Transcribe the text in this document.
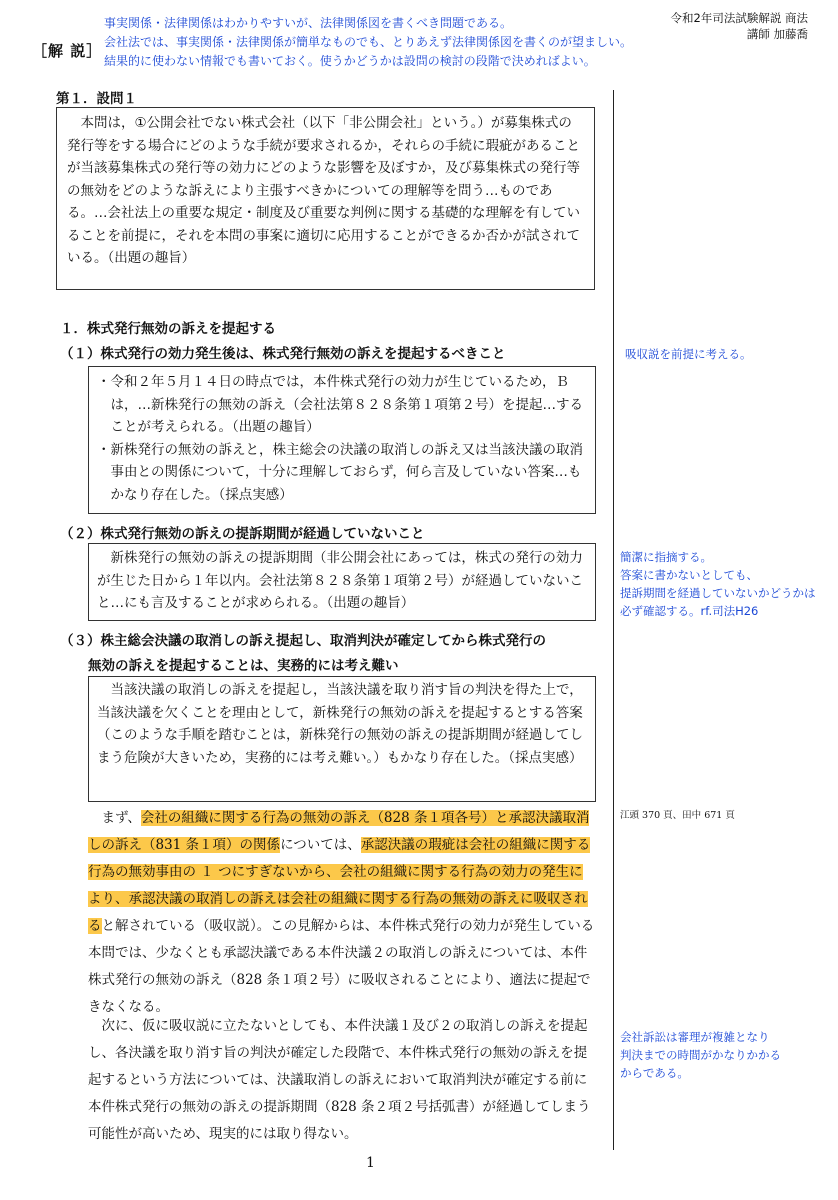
令和2年司法試験解説 商法
講師 加藤喬
［解 説］
事実関係・法律関係はわかりやすいが、法律関係図を書くべき問題である。
会社法では、事実関係・法律関係が簡単なものでも、とりあえず法律関係図を書くのが望ましい。
結果的に使わない情報でも書いておく。使うかどうかは設問の検討の段階で決めればよい。
第１．設問１
本問は，①公開会社でない株式会社（以下「非公開会社」という。）が募集株式の発行等をする場合にどのような手続が要求されるか，それらの手続に瑕疵があることが当該募集株式の発行等の効力にどのような影響を及ぼすか，及び募集株式の発行等の無効をどのような訴えにより主張すべきかについての理解等を問う…ものである。…会社法上の重要な規定・制度及び重要な判例に関する基礎的な理解を有していることを前提に，それを本問の事案に適切に応用することができるか否かが試されている。（出題の趣旨）
１．株式発行無効の訴えを提起する
（１）株式発行の効力発生後は、株式発行無効の訴えを提起するべきこと	吸収説を前提に考える。
・令和２年５月１４日の時点では，本件株式発行の効力が生じているため，Ｂは，…新株発行の無効の訴え（会社法第８２８条第１項第２号）を提起…することが考えられる。（出題の趣旨）
・新株発行の無効の訴えと，株主総会の決議の取消しの訴え又は当該決議の取消事由との関係について，十分に理解しておらず，何ら言及していない答案…もかなり存在した。（採点実感）
（２）株式発行無効の訴えの提訴期間が経過していないこと
新株発行の無効の訴えの提訴期間（非公開会社にあっては，株式の発行の効力が生じた日から１年以内。会社法第８２８条第１項第２号）が経過していないこと…にも言及することが求められる。（出題の趣旨）
簡潔に指摘する。
答案に書かないとしても、
提訴期間を経過していないかどうかは
必ず確認する。rf.司法H26
（３）株主総会決議の取消しの訴え提起し、取消判決が確定してから株式発行の
無効の訴えを提起することは、実務的には考え難い
当該決議の取消しの訴えを提起し，当該決議を取り消す旨の判決を得た上で，当該決議を欠くことを理由として，新株発行の無効の訴えを提起するとする答案（このような手順を踏むことは，新株発行の無効の訴えの提訴期間が経過してしまう危険が大きいため，実務的には考え難い。）もかなり存在した。（採点実感）
まず、会社の組織に関する行為の無効の訴え（828 条１項各号）と承認決議取消しの訴え（831 条１項）の関係については、承認決議の瑕疵は会社の組織に関する行為の無効事由の １ つにすぎないから、会社の組織に関する行為の効力の発生により、承認決議の取消しの訴えは会社の組織に関する行為の無効の訴えに吸収されると解されている（吸収説）。この見解からは、本件株式発行の効力が発生している本問では、少なくとも承認決議である本件決議２の取消しの訴えについては、本件株式発行の無効の訴え（828 条１項２号）に吸収されることにより、適法に提起できなくなる。
江頭 370 頁、田中 671 頁
次に、仮に吸収説に立たないとしても、本件決議１及び２の取消しの訴えを提起し、各決議を取り消す旨の判決が確定した段階で、本件株式発行の無効の訴えを提起するという方法については、決議取消しの訴えにおいて取消判決が確定する前に本件株式発行の無効の訴えの提訴期間（828 条２項２号括弧書）が経過してしまう可能性が高いため、現実的には取り得ない。
会社訴訟は審理が複雑となり
判決までの時間がかなりかかる
からである。
1
